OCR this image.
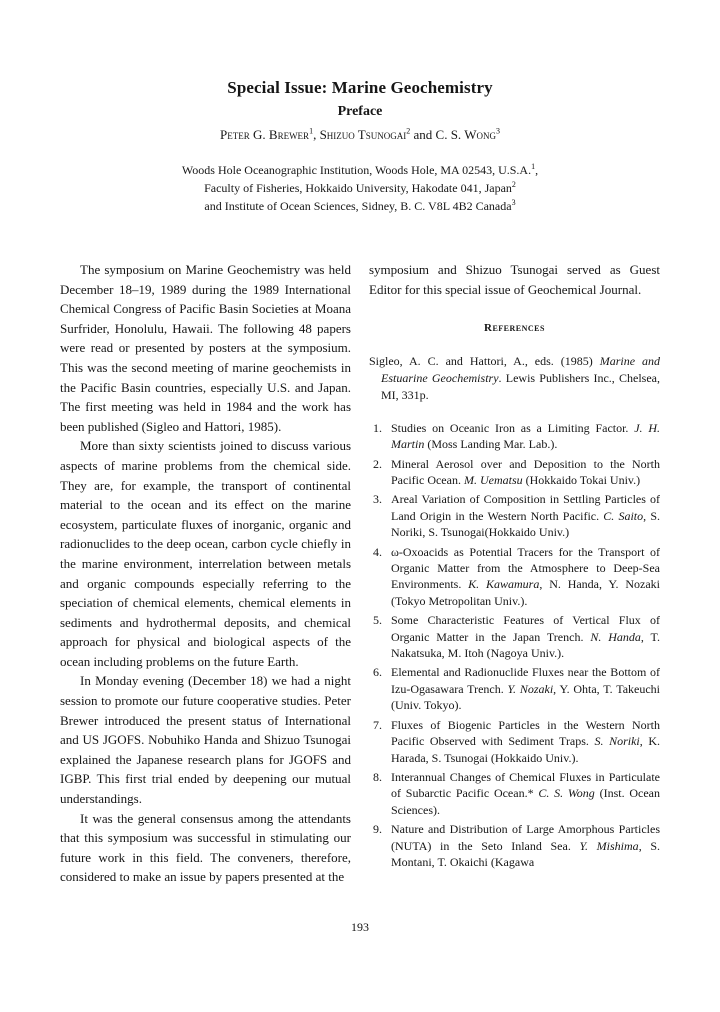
Special Issue: Marine Geochemistry
Preface
Peter G. Brewer$^1$, Shizuo Tsunogai$^2$ and C. S. Wong$^3$
Woods Hole Oceanographic Institution, Woods Hole, MA 02543, U.S.A.$^1$,
Faculty of Fisheries, Hokkaido University, Hakodate 041, Japan$^2$
and Institute of Ocean Sciences, Sidney, B. C. V8L 4B2 Canada$^3$

The symposium on Marine Geochemistry was held December 18–19, 1989 during the 1989 International Chemical Congress of Pacific Basin Societies at Moana Surfrider, Honolulu, Hawaii. The following 48 papers were read or presented by posters at the symposium. This was the second meeting of marine geochemists in the Pacific Basin countries, especially U.S. and Japan. The first meeting was held in 1984 and the work has been published (Sigleo and Hattori, 1985).

More than sixty scientists joined to discuss various aspects of marine problems from the chemical side. They are, for example, the transport of continental material to the ocean and its effect on the marine ecosystem, particulate fluxes of inorganic, organic and radionuclides to the deep ocean, carbon cycle chiefly in the marine environment, interrelation between metals and organic compounds especially referring to the speciation of chemical elements, chemical elements in sediments and hydrothermal deposits, and chemical approach for physical and biological aspects of the ocean including problems on the future Earth.

In Monday evening (December 18) we had a night session to promote our future cooperative studies. Peter Brewer introduced the present status of International and US JGOFS. Nobuhiko Handa and Shizuo Tsunogai explained the Japanese research plans for JGOFS and IGBP. This first trial ended by deepening our mutual understandings.

It was the general consensus among the attendants that this symposium was successful in stimulating our future work in this field. The conveners, therefore, considered to make an issue by papers presented at the

symposium and Shizuo Tsunogai served as Guest Editor for this special issue of Geochemical Journal.

References
Sigleo, A. C. and Hattori, A., eds. (1985) Marine and Estuarine Geochemistry. Lewis Publishers Inc., Chelsea, MI, 331p.
1. Studies on Oceanic Iron as a Limiting Factor. J. H. Martin (Moss Landing Mar. Lab.).
2. Mineral Aerosol over and Deposition to the North Pacific Ocean. M. Uematsu (Hokkaido Tokai Univ.)
3. Areal Variation of Composition in Settling Particles of Land Origin in the Western North Pacific. C. Saito, S. Noriki, S. Tsunogai(Hokkaido Univ.)
4. ω-Oxoacids as Potential Tracers for the Transport of Organic Matter from the Atmosphere to Deep-Sea Environments. K. Kawamura, N. Handa, Y. Nozaki (Tokyo Metropolitan Univ.).
5. Some Characteristic Features of Vertical Flux of Organic Matter in the Japan Trench. N. Handa, T. Nakatsuka, M. Itoh (Nagoya Univ.).
6. Elemental and Radionuclide Fluxes near the Bottom of Izu-Ogasawara Trench. Y. Nozaki, Y. Ohta, T. Takeuchi (Univ. Tokyo).
7. Fluxes of Biogenic Particles in the Western North Pacific Observed with Sediment Traps. S. Noriki, K. Harada, S. Tsunogai (Hokkaido Univ.).
8. Interannual Changes of Chemical Fluxes in Particulate of Subarctic Pacific Ocean.* C. S. Wong (Inst. Ocean Sciences).
9. Nature and Distribution of Large Amorphous Particles (NUTA) in the Seto Inland Sea. Y. Mishima, S. Montani, T. Okaichi (Kagawa
193
